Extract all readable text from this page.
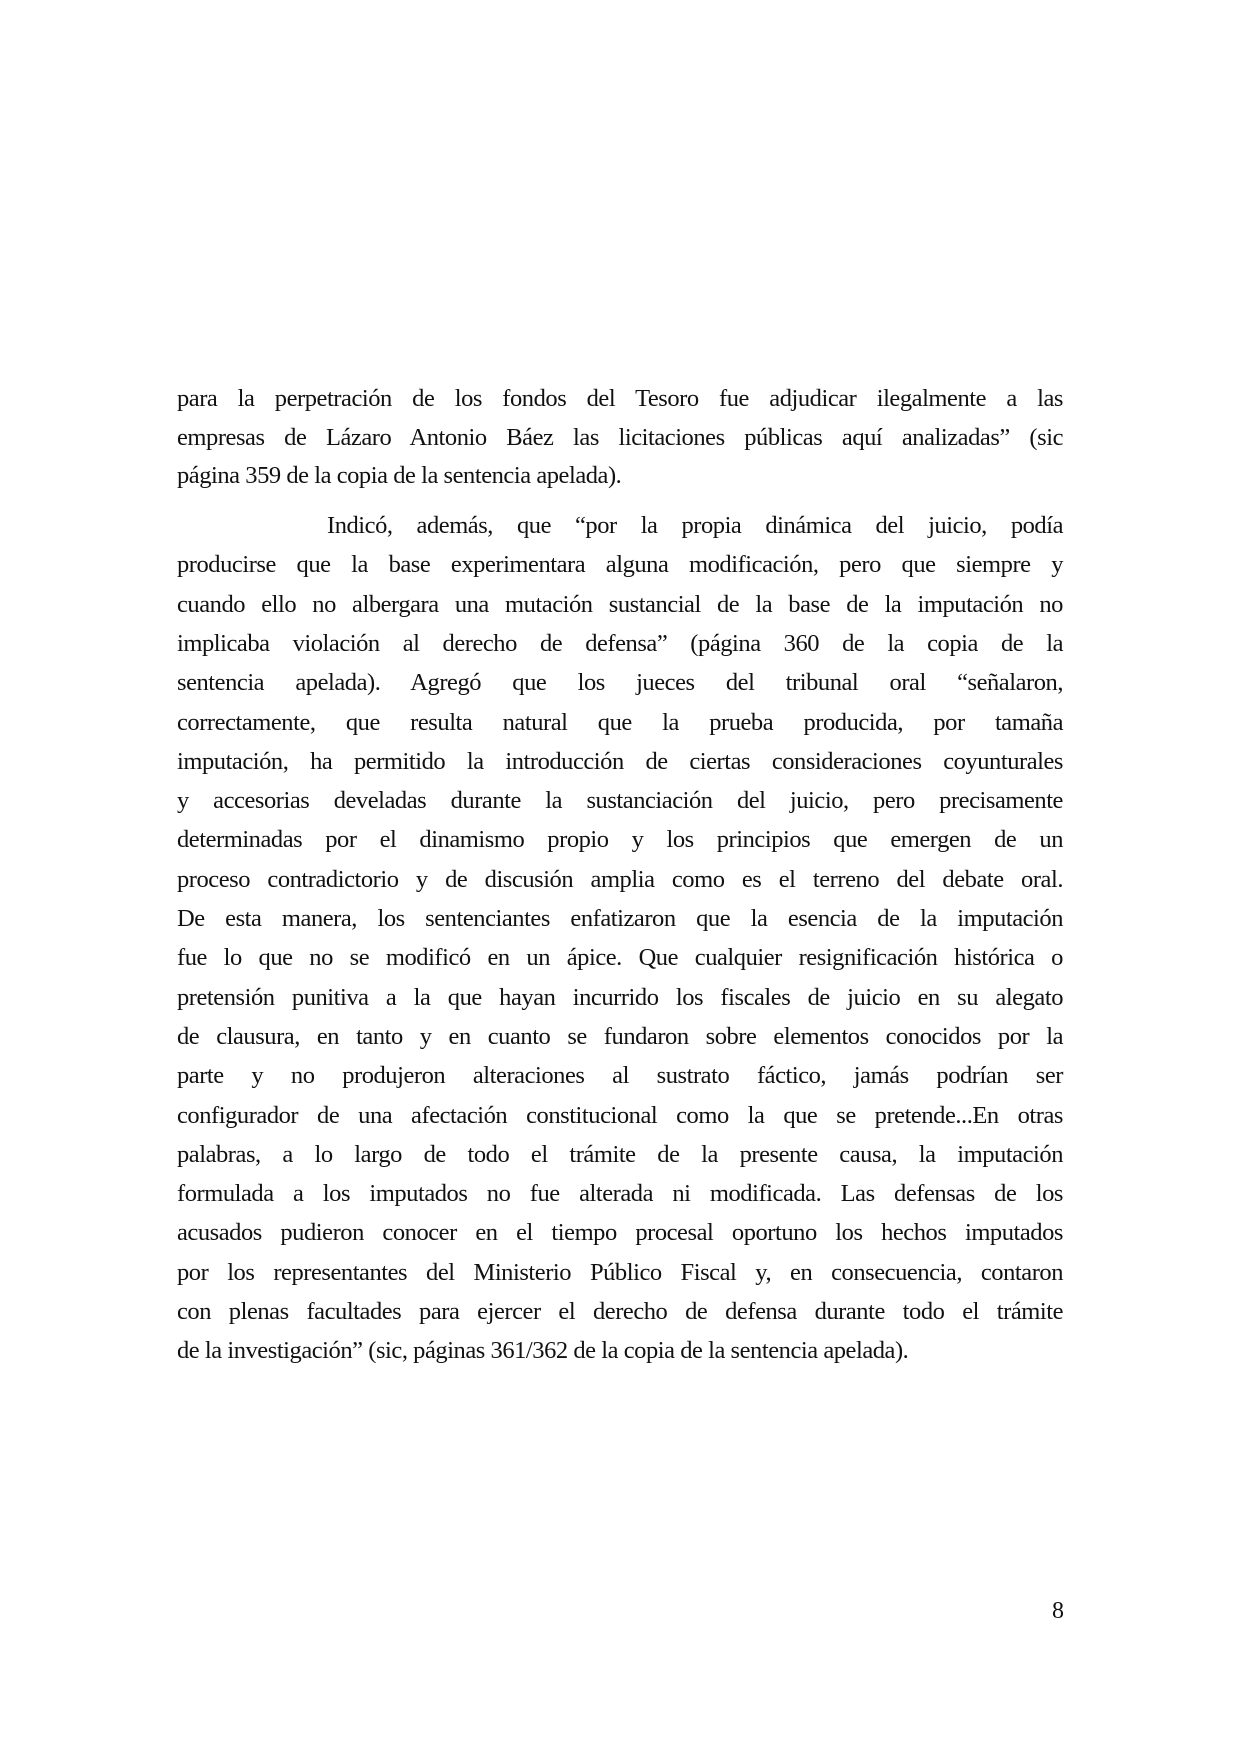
para la perpetración de los fondos del Tesoro fue adjudicar ilegalmente a las
empresas de Lázaro Antonio Báez las licitaciones públicas aquí analizadas” (sic
página 359 de la copia de la sentencia apelada).
Indicó, además, que “por la propia dinámica del juicio, podía
producirse que la base experimentara alguna modificación, pero que siempre y
cuando ello no albergara una mutación sustancial de la base de la imputación no
implicaba violación al derecho de defensa” (página 360 de la copia de la
sentencia apelada). Agregó que los jueces del tribunal oral “señalaron,
correctamente, que resulta natural que la prueba producida, por tamaña
imputación, ha permitido la introducción de ciertas consideraciones coyunturales
y accesorias develadas durante la sustanciación del juicio, pero precisamente
determinadas por el dinamismo propio y los principios que emergen de un
proceso contradictorio y de discusión amplia como es el terreno del debate oral.
De esta manera, los sentenciantes enfatizaron que la esencia de la imputación
fue lo que no se modificó en un ápice. Que cualquier resignificación histórica o
pretensión punitiva a la que hayan incurrido los fiscales de juicio en su alegato
de clausura, en tanto y en cuanto se fundaron sobre elementos conocidos por la
parte y no produjeron alteraciones al sustrato fáctico, jamás podrían ser
configurador de una afectación constitucional como la que se pretende...En otras
palabras, a lo largo de todo el trámite de la presente causa, la imputación
formulada a los imputados no fue alterada ni modificada. Las defensas de los
acusados pudieron conocer en el tiempo procesal oportuno los hechos imputados
por los representantes del Ministerio Público Fiscal y, en consecuencia, contaron
con plenas facultades para ejercer el derecho de defensa durante todo el trámite
de la investigación” (sic, páginas 361/362 de la copia de la sentencia apelada).
8
